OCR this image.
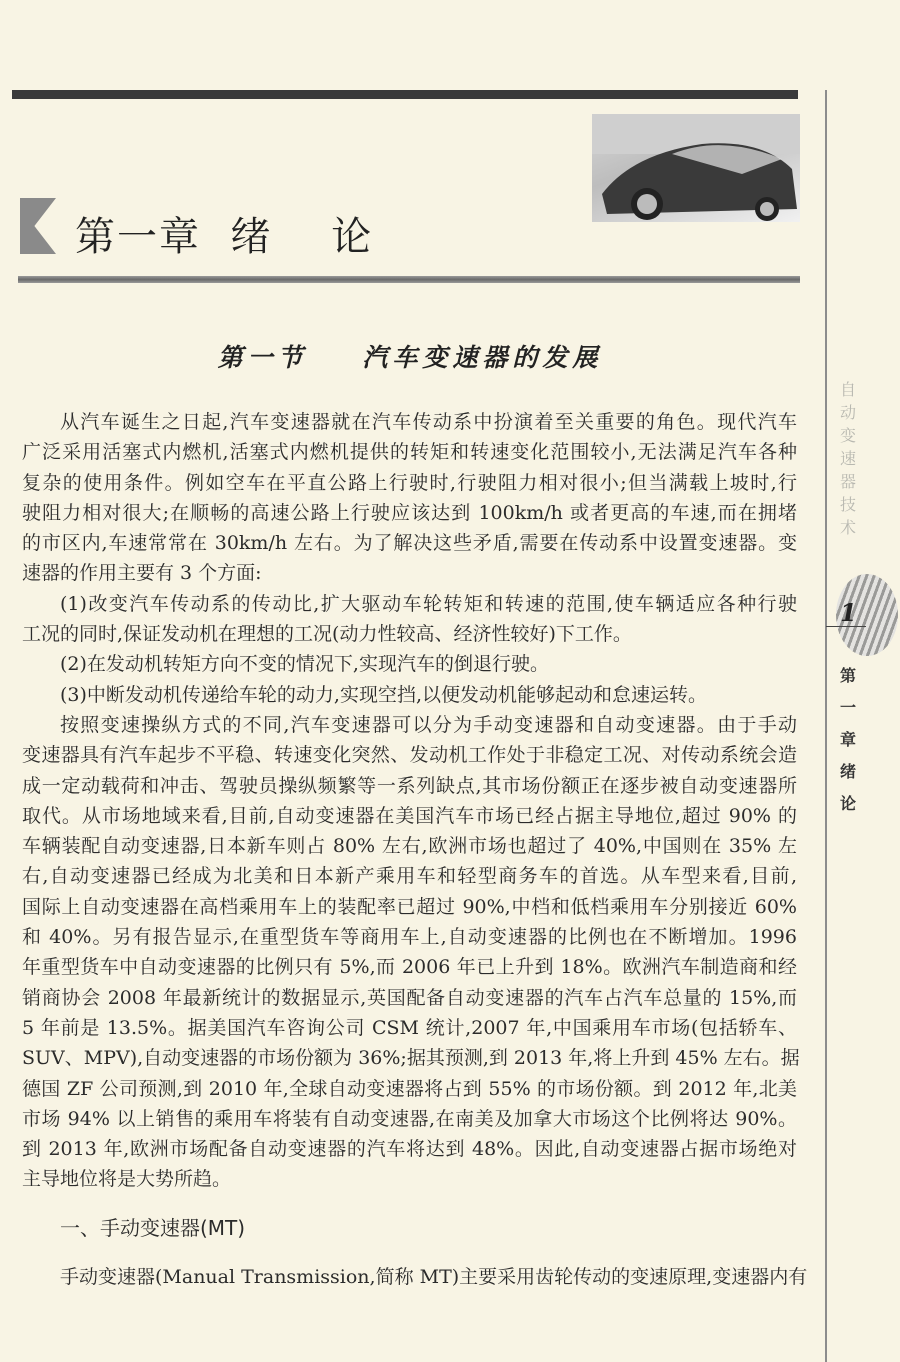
第一章  绪    论
第一节    汽车变速器的发展
从汽车诞生之日起,汽车变速器就在汽车传动系中扮演着至关重要的角色。现代汽车
广泛采用活塞式内燃机,活塞式内燃机提供的转矩和转速变化范围较小,无法满足汽车各种
复杂的使用条件。例如空车在平直公路上行驶时,行驶阻力相对很小;但当满载上坡时,行
驶阻力相对很大;在顺畅的高速公路上行驶应该达到 100km/h 或者更高的车速,而在拥堵
的市区内,车速常常在 30km/h 左右。为了解决这些矛盾,需要在传动系中设置变速器。变
速器的作用主要有 3 个方面:
(1)改变汽车传动系的传动比,扩大驱动车轮转矩和转速的范围,使车辆适应各种行驶
工况的同时,保证发动机在理想的工况(动力性较高、经济性较好)下工作。
(2)在发动机转矩方向不变的情况下,实现汽车的倒退行驶。
(3)中断发动机传递给车轮的动力,实现空挡,以便发动机能够起动和怠速运转。
按照变速操纵方式的不同,汽车变速器可以分为手动变速器和自动变速器。由于手动
变速器具有汽车起步不平稳、转速变化突然、发动机工作处于非稳定工况、对传动系统会造
成一定动载荷和冲击、驾驶员操纵频繁等一系列缺点,其市场份额正在逐步被自动变速器所
取代。从市场地域来看,目前,自动变速器在美国汽车市场已经占据主导地位,超过 90% 的
车辆装配自动变速器,日本新车则占 80% 左右,欧洲市场也超过了 40%,中国则在 35% 左
右,自动变速器已经成为北美和日本新产乘用车和轻型商务车的首选。从车型来看,目前,
国际上自动变速器在高档乘用车上的装配率已超过 90%,中档和低档乘用车分别接近 60%
和 40%。另有报告显示,在重型货车等商用车上,自动变速器的比例也在不断增加。1996
年重型货车中自动变速器的比例只有 5%,而 2006 年已上升到 18%。欧洲汽车制造商和经
销商协会 2008 年最新统计的数据显示,英国配备自动变速器的汽车占汽车总量的 15%,而
5 年前是 13.5%。据美国汽车咨询公司 CSM 统计,2007 年,中国乘用车市场(包括轿车、
SUV、MPV),自动变速器的市场份额为 36%;据其预测,到 2013 年,将上升到 45% 左右。据
德国 ZF 公司预测,到 2010 年,全球自动变速器将占到 55% 的市场份额。到 2012 年,北美
市场 94% 以上销售的乘用车将装有自动变速器,在南美及加拿大市场这个比例将达 90%。
到 2013 年,欧洲市场配备自动变速器的汽车将达到 48%。因此,自动变速器占据市场绝对
主导地位将是大势所趋。
一、手动变速器(MT)
手动变速器(Manual Transmission,简称 MT)主要采用齿轮传动的变速原理,变速器内有
自
动
变
速
器
技
术
1
第
一
章
绪
论
